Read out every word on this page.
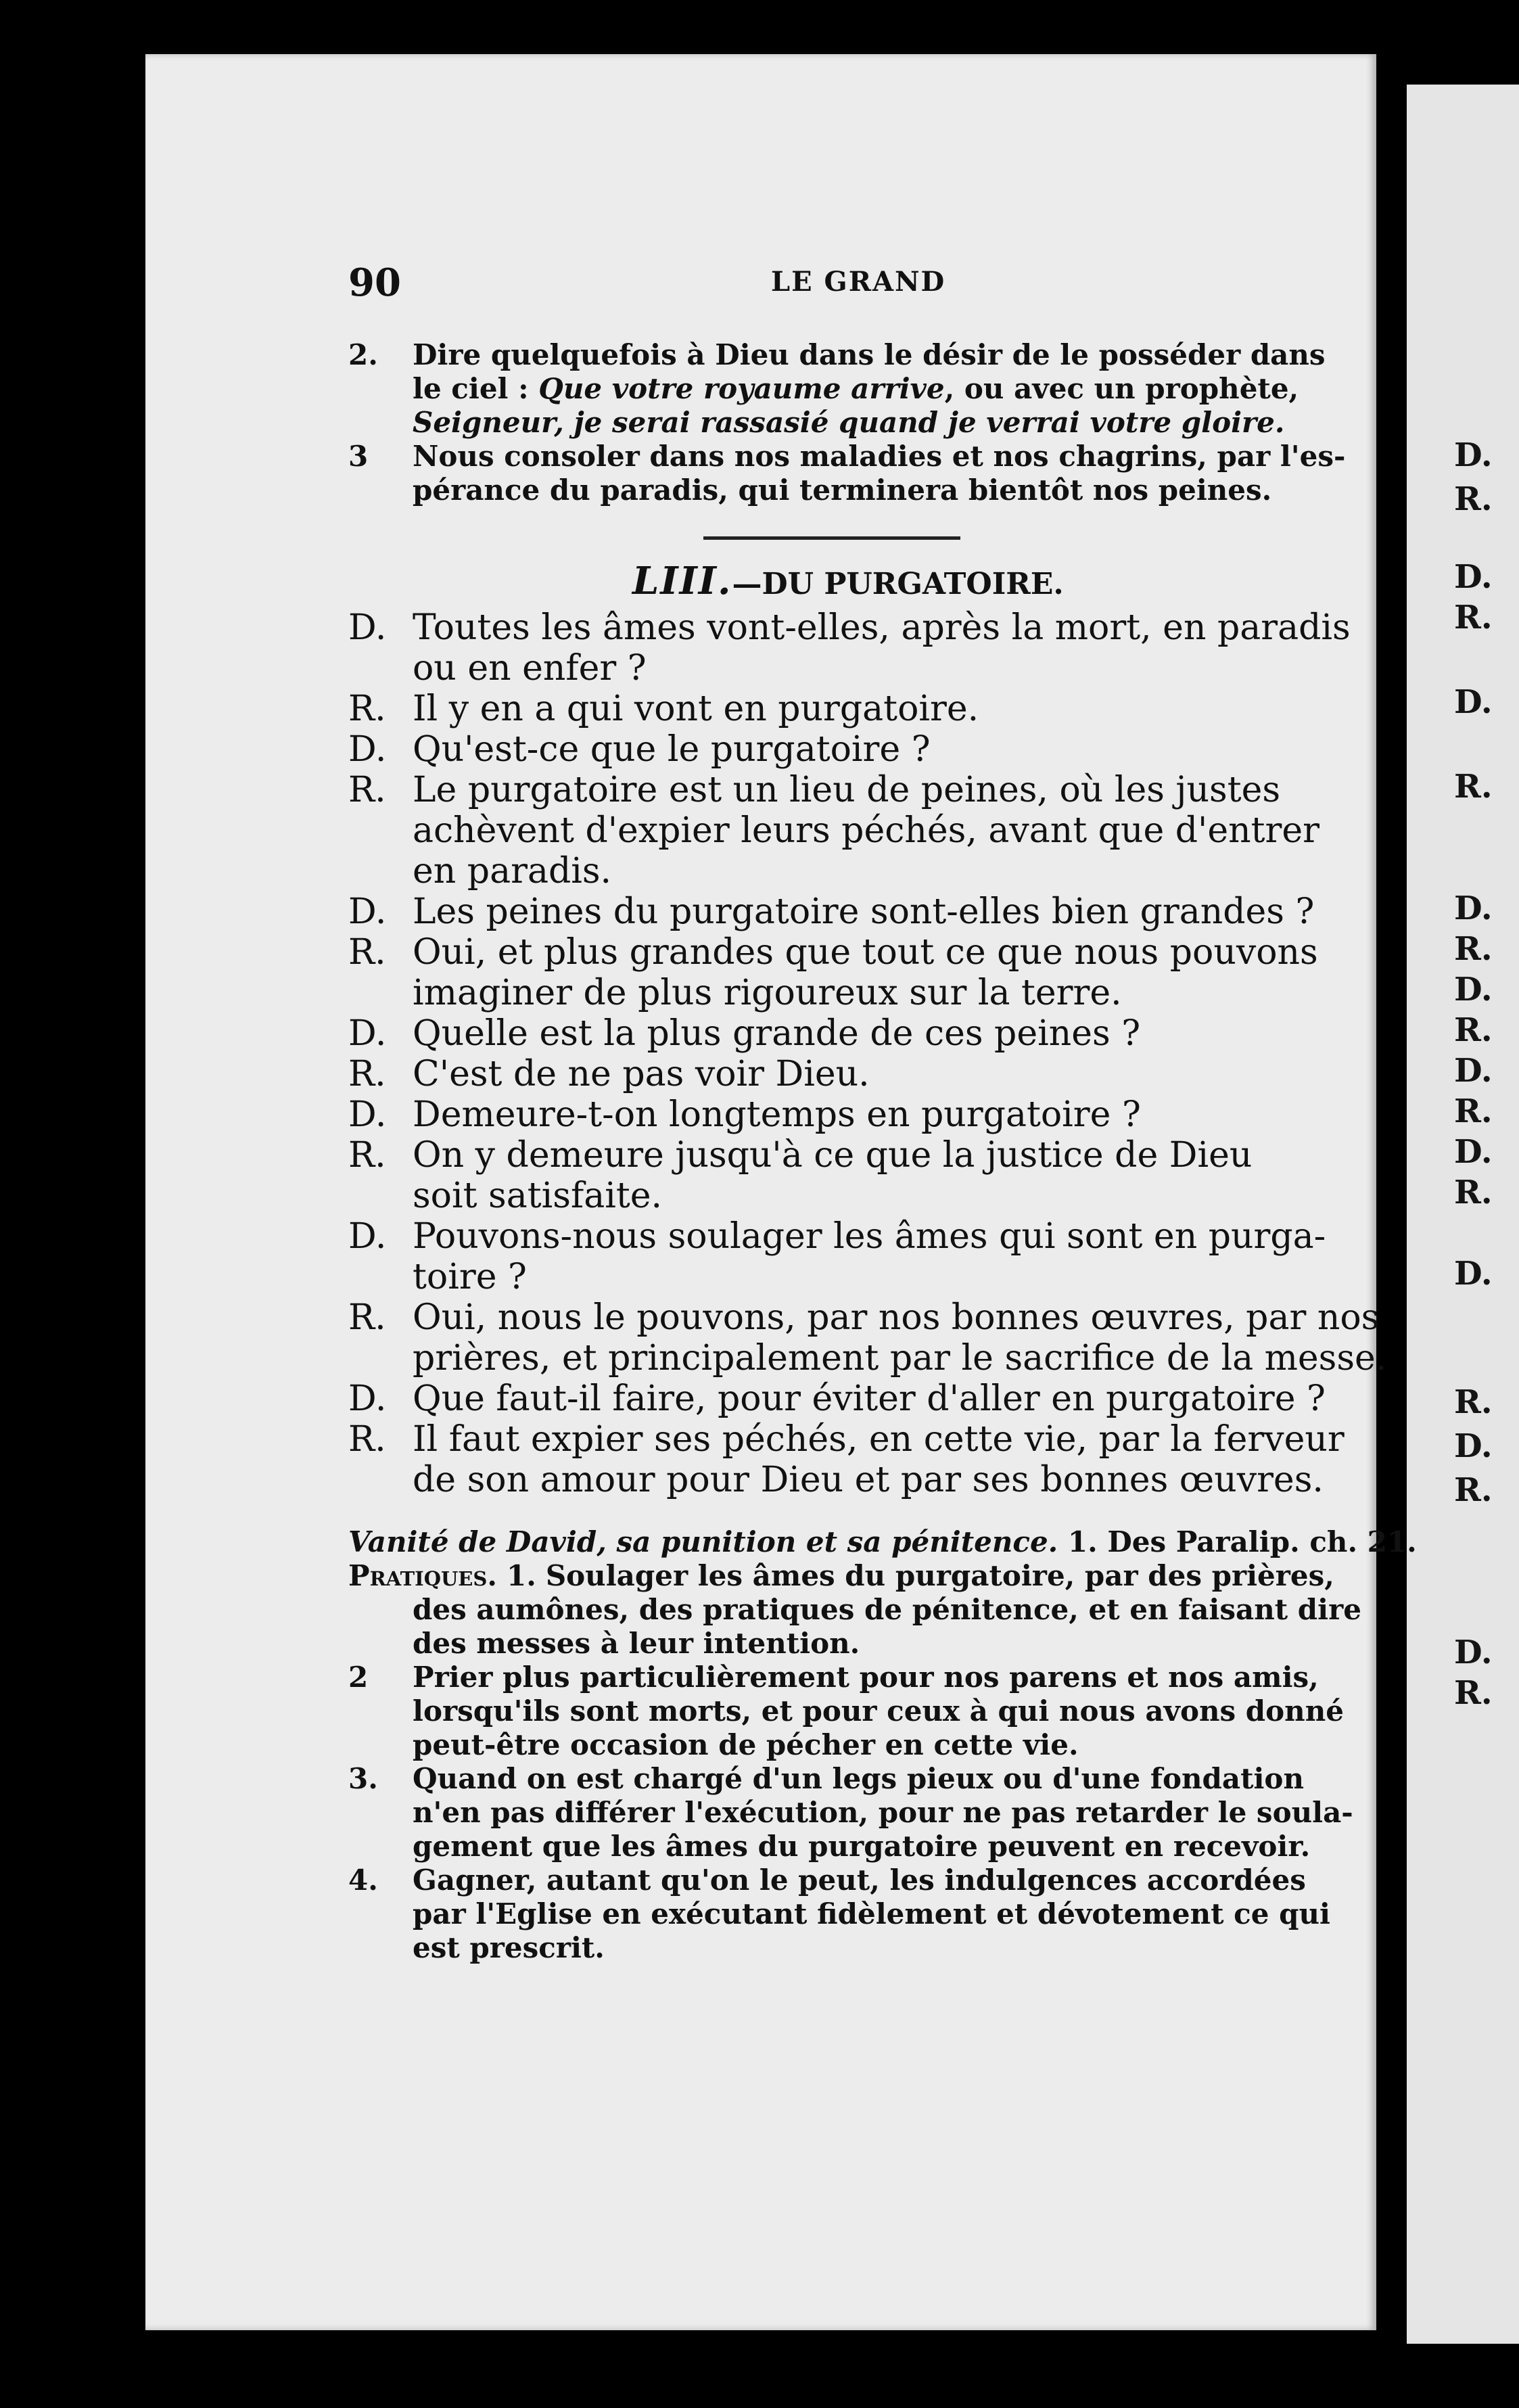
D.
R.
D.
R.
D.
R.
D.
R.
D.
R.
D.
R.
D.
R.
D.
R.
D.
R.
D.
R.
90	LE GRAND
2. Dire quelquefois à Dieu dans le désir de le posséder dans
le ciel : Que votre royaume arrive, ou avec un prophète,
Seigneur, je serai rassasié quand je verrai votre gloire.
3 Nous consoler dans nos maladies et nos chagrins, par l'es-
pérance du paradis, qui terminera bientôt nos peines.
LIII.—DU PURGATOIRE.
D. Toutes les âmes vont-elles, après la mort, en paradis
ou en enfer ?
R. Il y en a qui vont en purgatoire.
D. Qu'est-ce que le purgatoire ?
R. Le purgatoire est un lieu de peines, où les justes
achèvent d'expier leurs péchés, avant que d'entrer
en paradis.
D. Les peines du purgatoire sont-elles bien grandes ?
R. Oui, et plus grandes que tout ce que nous pouvons
imaginer de plus rigoureux sur la terre.
D. Quelle est la plus grande de ces peines ?
R. C'est de ne pas voir Dieu.
D. Demeure-t-on longtemps en purgatoire ?
R. On y demeure jusqu'à ce que la justice de Dieu
soit satisfaite.
D. Pouvons-nous soulager les âmes qui sont en purga-
toire ?
R. Oui, nous le pouvons, par nos bonnes œuvres, par nos
prières, et principalement par le sacrifice de la messe.
D. Que faut-il faire, pour éviter d'aller en purgatoire ?
R. Il faut expier ses péchés, en cette vie, par la ferveur
de son amour pour Dieu et par ses bonnes œuvres.
Vanité de David, sa punition et sa pénitence. 1. Des Paralip. ch. 21.
Pratiques. 1. Soulager les âmes du purgatoire, par des prières,
des aumônes, des pratiques de pénitence, et en faisant dire
des messes à leur intention.
2 Prier plus particulièrement pour nos parens et nos amis,
lorsqu'ils sont morts, et pour ceux à qui nous avons donné
peut-être occasion de pécher en cette vie.
3. Quand on est chargé d'un legs pieux ou d'une fondation
n'en pas différer l'exécution, pour ne pas retarder le soula-
gement que les âmes du purgatoire peuvent en recevoir.
4. Gagner, autant qu'on le peut, les indulgences accordées
par l'Eglise en exécutant fidèlement et dévotement ce qui
est prescrit.
